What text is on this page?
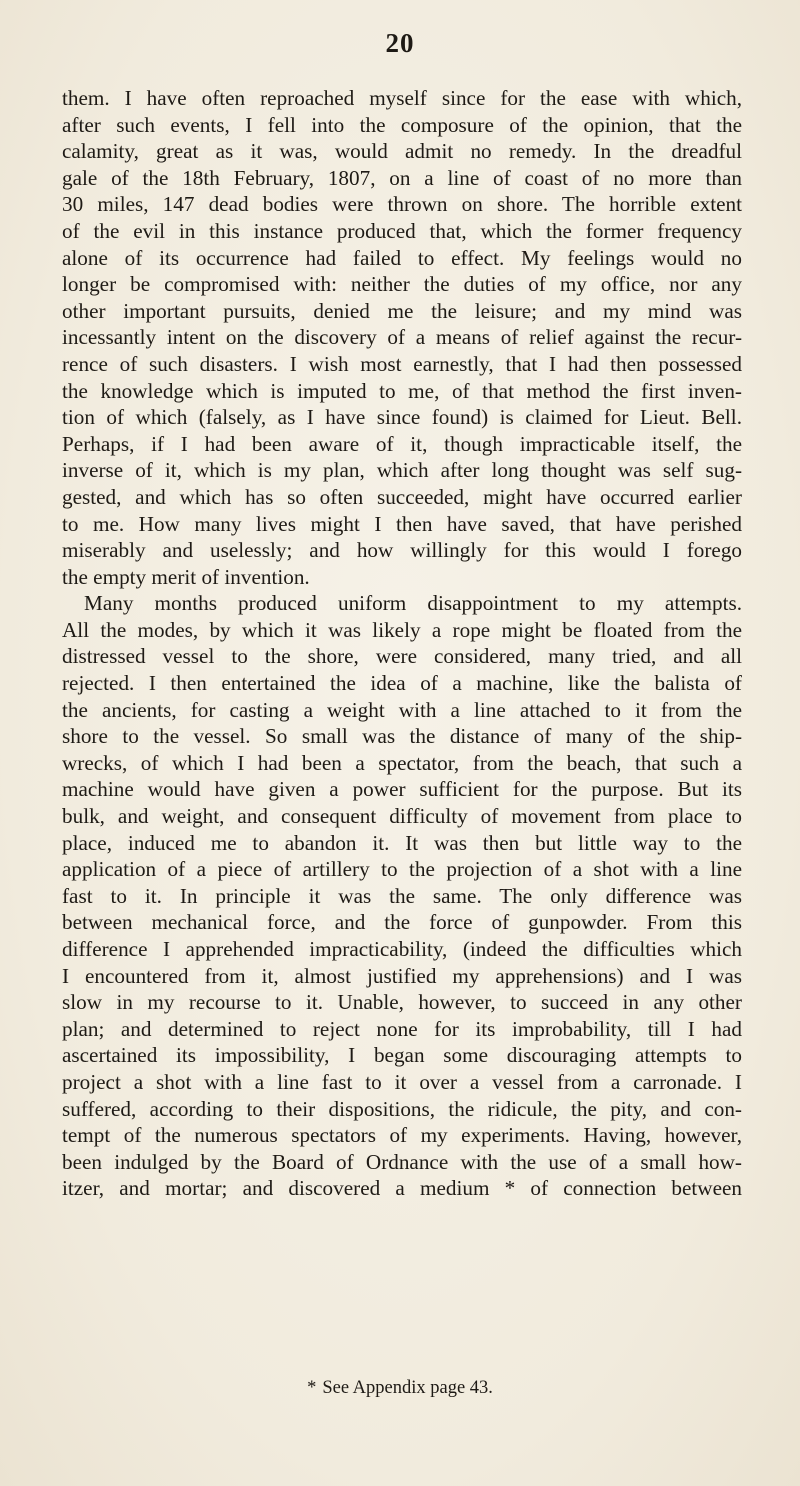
20
them. I have often reproached myself since for the ease with which,
after such events, I fell into the composure of the opinion, that the
calamity, great as it was, would admit no remedy. In the dreadful
gale of the 18th February, 1807, on a line of coast of no more than
30 miles, 147 dead bodies were thrown on shore. The horrible extent
of the evil in this instance produced that, which the former frequency
alone of its occurrence had failed to effect. My feelings would no
longer be compromised with: neither the duties of my office, nor any
other important pursuits, denied me the leisure; and my mind was
incessantly intent on the discovery of a means of relief against the recur-
rence of such disasters. I wish most earnestly, that I had then possessed
the knowledge which is imputed to me, of that method the first inven-
tion of which (falsely, as I have since found) is claimed for Lieut. Bell.
Perhaps, if I had been aware of it, though impracticable itself, the
inverse of it, which is my plan, which after long thought was self sug-
gested, and which has so often succeeded, might have occurred earlier
to me. How many lives might I then have saved, that have perished
miserably and uselessly; and how willingly for this would I forego
the empty merit of invention.
Many months produced uniform disappointment to my attempts.
All the modes, by which it was likely a rope might be floated from the
distressed vessel to the shore, were considered, many tried, and all
rejected. I then entertained the idea of a machine, like the balista of
the ancients, for casting a weight with a line attached to it from the
shore to the vessel. So small was the distance of many of the ship-
wrecks, of which I had been a spectator, from the beach, that such a
machine would have given a power sufficient for the purpose. But its
bulk, and weight, and consequent difficulty of movement from place to
place, induced me to abandon it. It was then but little way to the
application of a piece of artillery to the projection of a shot with a line
fast to it. In principle it was the same. The only difference was
between mechanical force, and the force of gunpowder. From this
difference I apprehended impracticability, (indeed the difficulties which
I encountered from it, almost justified my apprehensions) and I was
slow in my recourse to it. Unable, however, to succeed in any other
plan; and determined to reject none for its improbability, till I had
ascertained its impossibility, I began some discouraging attempts to
project a shot with a line fast to it over a vessel from a carronade. I
suffered, according to their dispositions, the ridicule, the pity, and con-
tempt of the numerous spectators of my experiments. Having, however,
been indulged by the Board of Ordnance with the use of a small how-
itzer, and mortar; and discovered a medium * of connection between
* See Appendix page 43.
